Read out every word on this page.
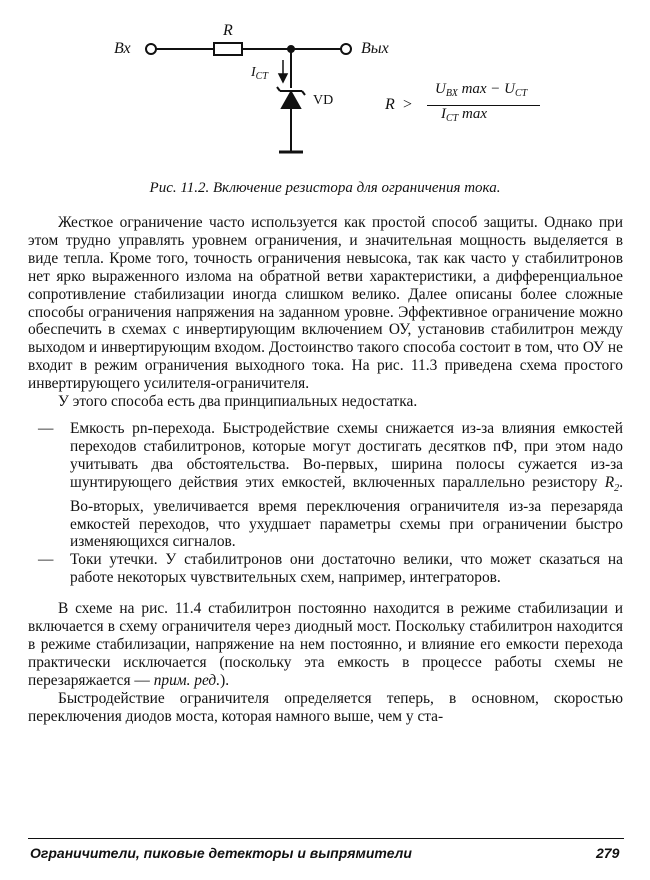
Вх	Вых
R
$I_{СТ}$
VD	R >
$U_{ВХ}$ $\max - U_{СТ}$
$I_{СТ}$ max
Рис. 11.2. Включение резистора для ограничения тока.

Жесткое ограничение часто используется как простой способ защиты. Однако при этом трудно управлять уровнем ограничения, и значительная мощность выделяется в виде тепла. Кроме того, точность ограничения невысока, так как часто у стабилитронов нет ярко выраженного излома на обратной ветви характеристики, а дифференциальное сопротивление стабилизации иногда слишком велико. Далее описаны более сложные способы ограничения напряжения на заданном уровне. Эффективное ограничение можно обеспечить в схемах с инвертирующим включением ОУ, установив стабилитрон между выходом и инвертирующим входом. Достоинство такого способа состоит в том, что ОУ не входит в режим ограничения выходного тока. На рис. 11.3 приведена схема простого инвертирующего усилителя-ограничителя.

У этого способа есть два принципиальных недостатка.

— Емкость pn-перехода. Быстродействие схемы снижается из-за влияния емкостей переходов стабилитронов, которые могут достигать десятков пФ, при этом надо учитывать два обстоятельства. Во-первых, ширина полосы сужается из-за шунтирующего действия этих емкостей, включенных параллельно резистору $R_2$. Во-вторых, увеличивается время переключения ограничителя из-за перезаряда емкостей переходов, что ухудшает параметры схемы при ограничении быстро изменяющихся сигналов.
— Токи утечки. У стабилитронов они достаточно велики, что может сказаться на работе некоторых чувствительных схем, например, интеграторов.

В схеме на рис. 11.4 стабилитрон постоянно находится в режиме стабилизации и включается в схему ограничителя через диодный мост. Поскольку стабилитрон находится в режиме стабилизации, напряжение на нем постоянно, и влияние его емкости перехода практически исключается (поскольку эта емкость в процессе работы схемы не перезаряжается — прим. ред.).

Быстродействие ограничителя определяется теперь, в основном, скоростью переключения диодов моста, которая намного выше, чем у ста-

Ограничители, пиковые детекторы и выпрямители	279
